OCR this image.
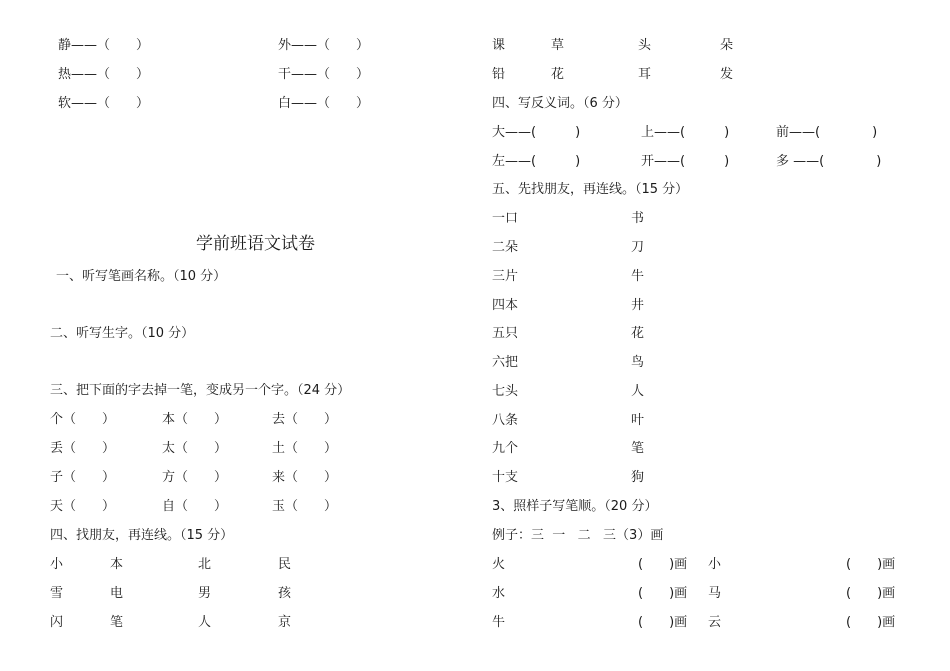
静——（　　）	外——（　　）
热——（　　）	干——（　　）
软——（　　）	白——（　　）
学前班语文试卷
一、听写笔画名称。（10 分）
二、听写生字。（10 分）
三、把下面的字去掉一笔，变成另一个字。（24 分）
个（　　）	本（　　）	去（　　）
丢（　　）	太（　　）	土（　　）
子（　　）	方（　　）	来（　　）
天（　　）	自（　　）	玉（　　）
四、找朋友，再连线。（15 分）
小	本	北	民
雪	电	男	孩
闪	笔	人	京
课	草	头	朵
铅	花	耳	发
四、写反义词。（6 分）
大——(　　　)	上——(　　　)	前——(　　　　)
左——(　　　)	开——(　　　)	多 ——(　　　　)
五、先找朋友，再连线。（15 分）
一口	书
二朵	刀
三片	牛
四本	井
五只	花
六把	鸟
七头	人
八条	叶
九个	笔
十支	狗
3、照样子写笔顺。（20 分）
例子：三  一   二   三（3）画
火	(　　)画 小	(　　)画
水	(　　)画 马	(　　)画
牛	(　　)画 云	(　　)画
